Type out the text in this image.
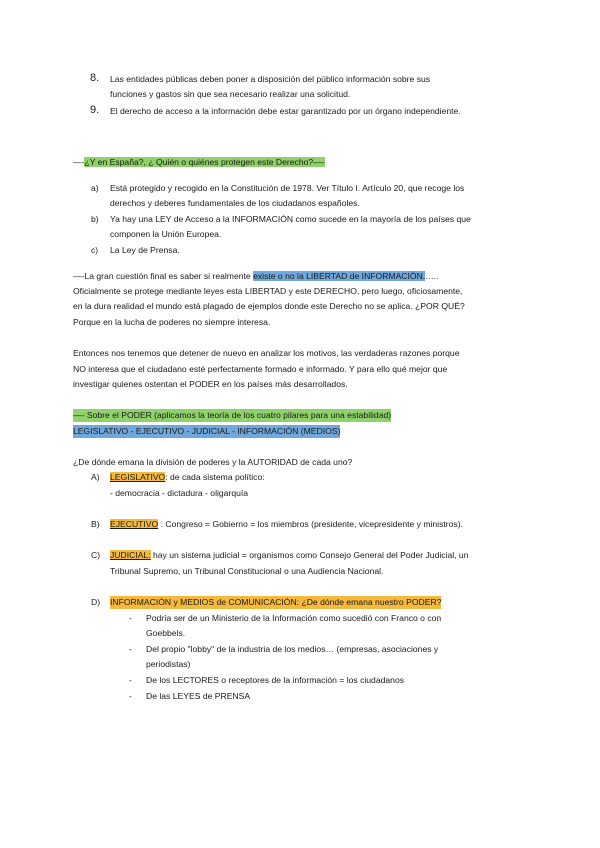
8. Las entidades públicas deben poner a disposición del público información sobre sus
funciones y gastos sin que sea necesario realizar una solicitud.
9. El derecho de acceso a la información debe estar garantizado por un órgano independiente.
—-¿Y en España?, ¿ Quién o quiénes protegen este Derecho?—-
a) Está protegido y recogido en la Constitución de 1978. Ver Título I. Artículo 20, que recoge los
derechos y deberes fundamentales de los ciudadanos españoles.
b) Ya hay una LEY de Acceso a la INFORMACIÓN como sucede en la mayoría de los países que
componen la Unión Europea.
c) La Ley de Prensa.
—-La gran cuestión final es saber si realmente existe o no la LIBERTAD de INFORMACIÓN.…..
Oficialmente se protege mediante leyes esta LIBERTAD y este DERECHO, pero luego, oficiosamente,
en la dura realidad el mundo está plagado de ejemplos donde este Derecho no se aplica. ¿POR QUÉ?
Porque en la lucha de poderes no siempre interesa.
Entonces nos tenemos que detener de nuevo en analizar los motivos, las verdaderas razones porque
NO interesa que el ciudadano esté perfectamente formado e informado. Y para ello qué mejor que
investigar quienes ostentan el PODER en los países más desarrollados.
—- Sobre el PODER (aplicamos la teoría de los cuatro pilares para una estabilidad)
LEGISLATIVO - EJECUTIVO - JUDICIAL - INFORMACIÓN (MEDIOS)
¿De dónde emana la división de poderes y la AUTORIDAD de cada uno?
A) LEGISLATIVO: de cada sistema político:
- democracia - dictadura - oligarquía
B) EJECUTIVO : Congreso = Gobierno = los miembros (presidente, vicepresidente y ministros).
C) JUDICIAL: hay un sistema judicial = organismos como Consejo General del Poder Judicial, un
Tribunal Supremo, un Tribunal Constitucional o una Audiencia Nacional.
D) INFORMACIÓN y MEDIOS de COMUNICACIÓN: ¿De dónde emana nuestro PODER?
- Podría ser de un Ministerio de la Información como sucedió con Franco o con
Goebbels.
- Del propio "lobby" de la industria de los medios… (empresas, asociaciones y
periodistas)
- De los LECTORES o receptores de la información = los ciudadanos
- De las LEYES de PRENSA
